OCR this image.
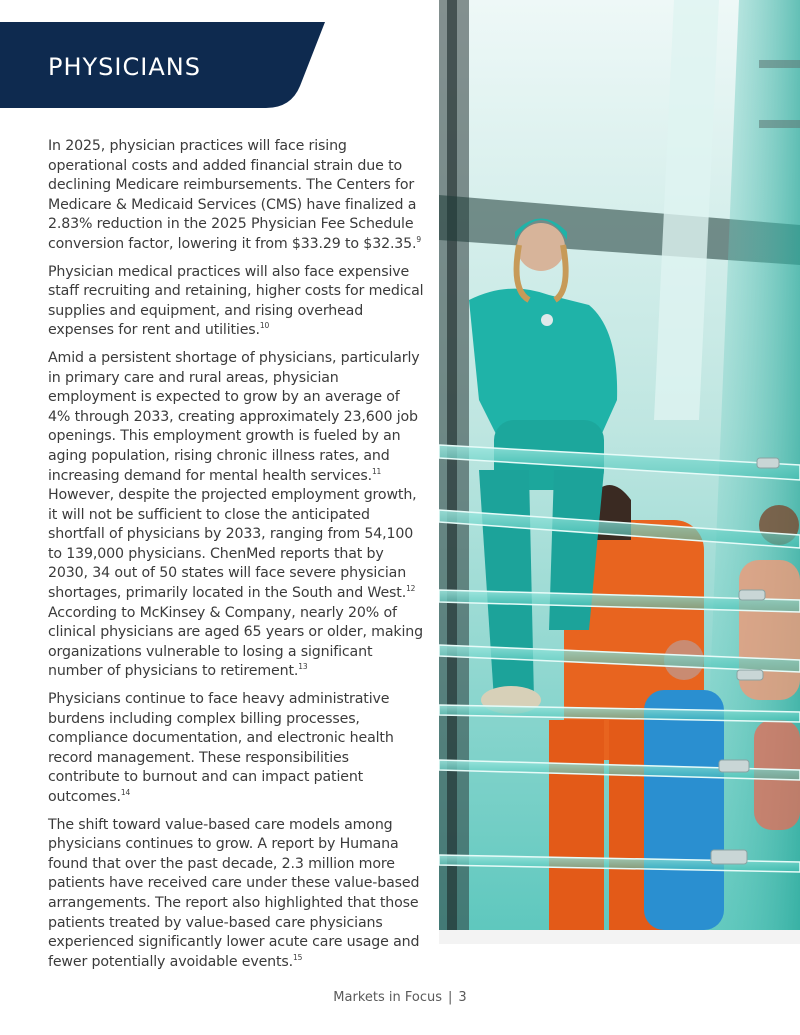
PHYSICIANS

In 2025, physician practices will face rising operational costs and added financial strain due to declining Medicare reimbursements. The Centers for Medicare & Medicaid Services (CMS) have finalized a 2.83% reduction in the 2025 Physician Fee Schedule conversion factor, lowering it from $33.29 to $32.35.$^9$

Physician medical practices will also face expensive staff recruiting and retaining, higher costs for medical supplies and equipment, and rising overhead expenses for rent and utilities.$^{10}$

Amid a persistent shortage of physicians, particularly in primary care and rural areas, physician employment is expected to grow by an average of 4% through 2033, creating approximately 23,600 job openings. This employment growth is fueled by an aging population, rising chronic illness rates, and increasing demand for mental health services.$^{11}$ However, despite the projected employment growth, it will not be sufficient to close the anticipated shortfall of physicians by 2033, ranging from 54,100 to 139,000 physicians. ChenMed reports that by 2030, 34 out of 50 states will face severe physician shortages, primarily located in the South and West.$^{12}$ According to McKinsey & Company, nearly 20% of clinical physicians are aged 65 years or older, making organizations vulnerable to losing a significant number of physicians to retirement.$^{13}$

Physicians continue to face heavy administrative burdens including complex billing processes, compliance documentation, and electronic health record management. These responsibilities contribute to burnout and can impact patient outcomes.$^{14}$

The shift toward value-based care models among physicians continues to grow. A report by Humana found that over the past decade, 2.3 million more patients have received care under these value-based arrangements. The report also highlighted that those patients treated by value-based care physicians experienced significantly lower acute care usage and fewer potentially avoidable events.$^{15}$

Markets in Focus | 3
